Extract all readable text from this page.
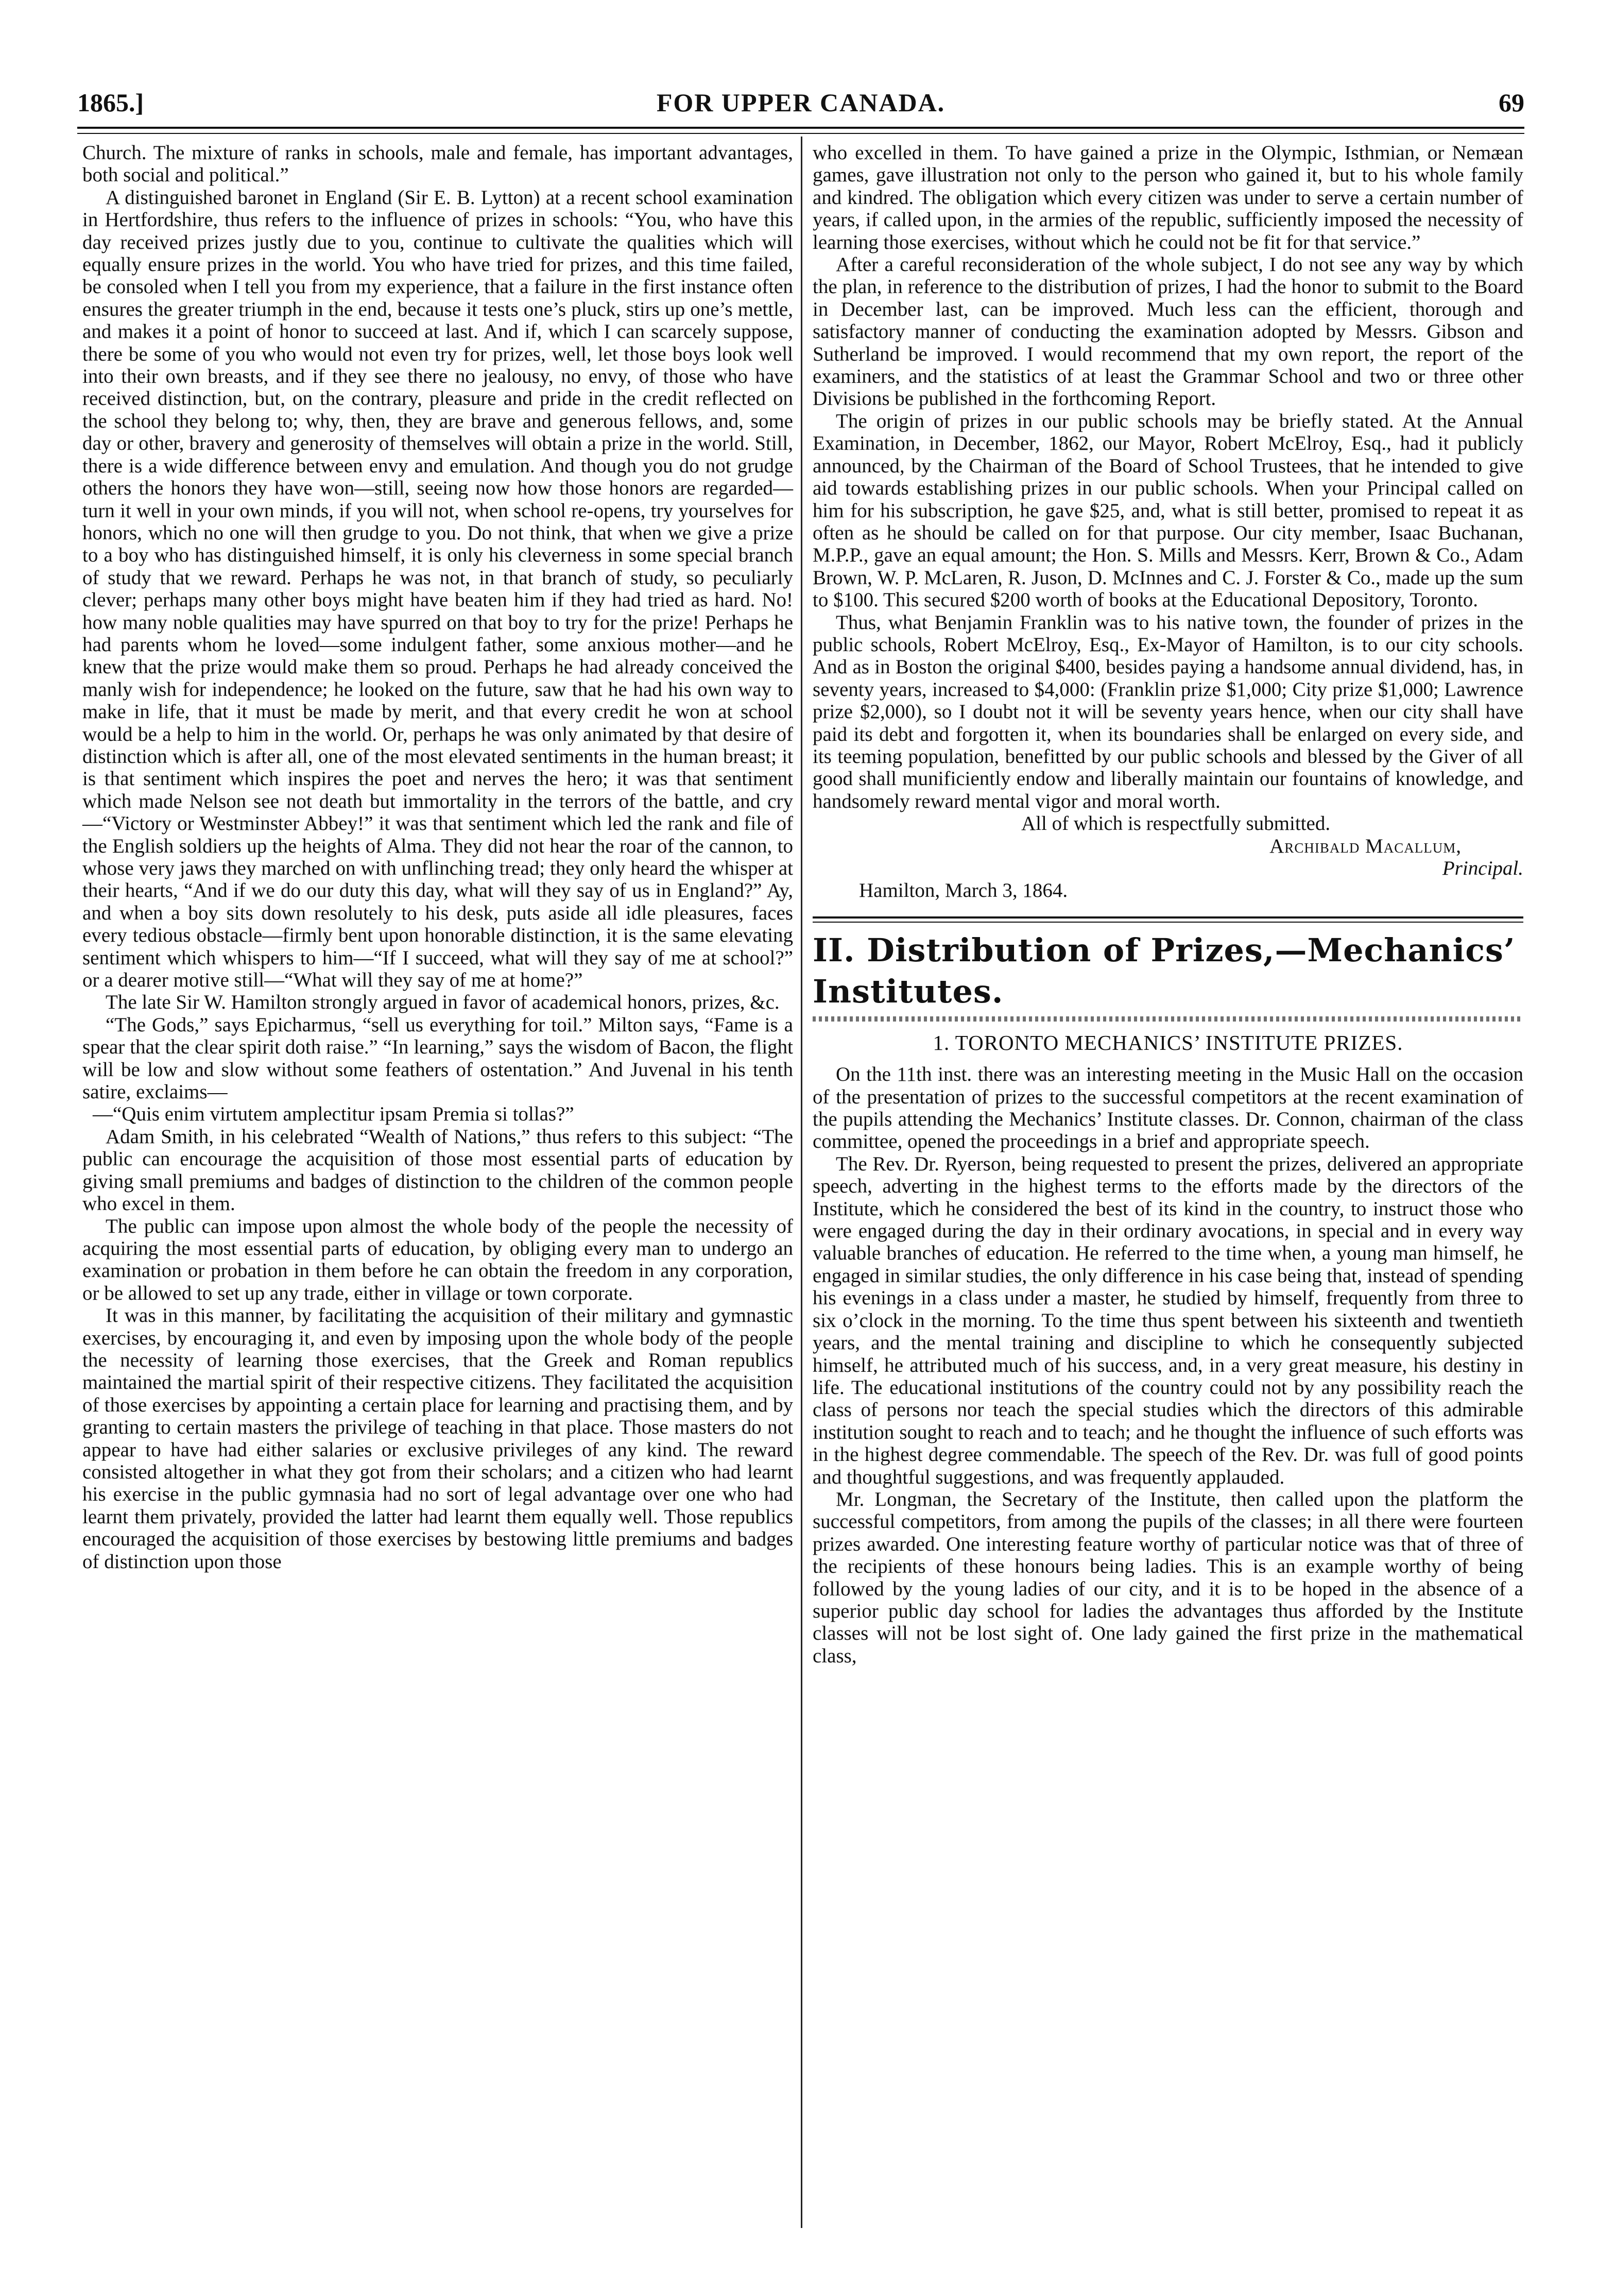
1865.]	FOR UPPER CANADA.	69

Church. The mixture of ranks in schools, male and female, has important advantages, both social and political.”

A distinguished baronet in England (Sir E. B. Lytton) at a recent school examination in Hertfordshire, thus refers to the influence of prizes in schools: “You, who have this day received prizes justly due to you, continue to cultivate the qualities which will equally ensure prizes in the world. You who have tried for prizes, and this time failed, be consoled when I tell you from my experience, that a failure in the first instance often ensures the greater triumph in the end, because it tests one’s pluck, stirs up one’s mettle, and makes it a point of honor to succeed at last. And if, which I can scarcely suppose, there be some of you who would not even try for prizes, well, let those boys look well into their own breasts, and if they see there no jealousy, no envy, of those who have received distinction, but, on the contrary, pleasure and pride in the credit reflected on the school they belong to; why, then, they are brave and generous fellows, and, some day or other, bravery and generosity of themselves will obtain a prize in the world. Still, there is a wide difference between envy and emulation. And though you do not grudge others the honors they have won—still, seeing now how those honors are regarded—turn it well in your own minds, if you will not, when school re-opens, try yourselves for honors, which no one will then grudge to you. Do not think, that when we give a prize to a boy who has distinguished himself, it is only his cleverness in some special branch of study that we reward. Perhaps he was not, in that branch of study, so peculiarly clever; perhaps many other boys might have beaten him if they had tried as hard. No! how many noble qualities may have spurred on that boy to try for the prize! Perhaps he had parents whom he loved—some indulgent father, some anxious mother—and he knew that the prize would make them so proud. Perhaps he had already conceived the manly wish for independence; he looked on the future, saw that he had his own way to make in life, that it must be made by merit, and that every credit he won at school would be a help to him in the world. Or, perhaps he was only animated by that desire of distinction which is after all, one of the most elevated sentiments in the human breast; it is that sentiment which inspires the poet and nerves the hero; it was that sentiment which made Nelson see not death but immortality in the terrors of the battle, and cry—“Victory or Westminster Abbey!” it was that sentiment which led the rank and file of the English soldiers up the heights of Alma. They did not hear the roar of the cannon, to whose very jaws they marched on with unflinching tread; they only heard the whisper at their hearts, “And if we do our duty this day, what will they say of us in England?” Ay, and when a boy sits down resolutely to his desk, puts aside all idle pleasures, faces every tedious obstacle—firmly bent upon honorable distinction, it is the same elevating sentiment which whispers to him—“If I succeed, what will they say of me at school?” or a dearer motive still—“What will they say of me at home?”

The late Sir W. Hamilton strongly argued in favor of academical honors, prizes, &c.

“The Gods,” says Epicharmus, “sell us everything for toil.” Milton says, “Fame is a spear that the clear spirit doth raise.” “In learning,” says the wisdom of Bacon, the flight will be low and slow without some feathers of ostentation.” And Juvenal in his tenth satire, exclaims—

—“Quis enim virtutem amplectitur ipsam Premia si tollas?”

Adam Smith, in his celebrated “Wealth of Nations,” thus refers to this subject: “The public can encourage the acquisition of those most essential parts of education by giving small premiums and badges of distinction to the children of the common people who excel in them.

The public can impose upon almost the whole body of the people the necessity of acquiring the most essential parts of education, by obliging every man to undergo an examination or probation in them before he can obtain the freedom in any corporation, or be allowed to set up any trade, either in village or town corporate.

It was in this manner, by facilitating the acquisition of their military and gymnastic exercises, by encouraging it, and even by imposing upon the whole body of the people the necessity of learning those exercises, that the Greek and Roman republics maintained the martial spirit of their respective citizens. They facilitated the acquisition of those exercises by appointing a certain place for learning and practising them, and by granting to certain masters the privilege of teaching in that place. Those masters do not appear to have had either salaries or exclusive privileges of any kind. The reward consisted altogether in what they got from their scholars; and a citizen who had learnt his exercise in the public gymnasia had no sort of legal advantage over one who had learnt them privately, provided the latter had learnt them equally well. Those republics encouraged the acquisition of those exercises by bestowing little premiums and badges of distinction upon those

who excelled in them. To have gained a prize in the Olympic, Isthmian, or Nemæan games, gave illustration not only to the person who gained it, but to his whole family and kindred. The obligation which every citizen was under to serve a certain number of years, if called upon, in the armies of the republic, sufficiently imposed the necessity of learning those exercises, without which he could not be fit for that service.”

After a careful reconsideration of the whole subject, I do not see any way by which the plan, in reference to the distribution of prizes, I had the honor to submit to the Board in December last, can be improved. Much less can the efficient, thorough and satisfactory manner of conducting the examination adopted by Messrs. Gibson and Sutherland be improved. I would recommend that my own report, the report of the examiners, and the statistics of at least the Grammar School and two or three other Divisions be published in the forthcoming Report.

The origin of prizes in our public schools may be briefly stated. At the Annual Examination, in December, 1862, our Mayor, Robert McElroy, Esq., had it publicly announced, by the Chairman of the Board of School Trustees, that he intended to give aid towards establishing prizes in our public schools. When your Principal called on him for his subscription, he gave $25, and, what is still better, promised to repeat it as often as he should be called on for that purpose. Our city member, Isaac Buchanan, M.P.P., gave an equal amount; the Hon. S. Mills and Messrs. Kerr, Brown & Co., Adam Brown, W. P. McLaren, R. Juson, D. McInnes and C. J. Forster & Co., made up the sum to $100. This secured $200 worth of books at the Educational Depository, Toronto.

Thus, what Benjamin Franklin was to his native town, the founder of prizes in the public schools, Robert McElroy, Esq., Ex-Mayor of Hamilton, is to our city schools. And as in Boston the original $400, besides paying a handsome annual dividend, has, in seventy years, increased to $4,000: (Franklin prize $1,000; City prize $1,000; Lawrence prize $2,000), so I doubt not it will be seventy years hence, when our city shall have paid its debt and forgotten it, when its boundaries shall be enlarged on every side, and its teeming population, benefitted by our public schools and blessed by the Giver of all good shall munificiently endow and liberally maintain our fountains of knowledge, and handsomely reward mental vigor and moral worth.

All of which is respectfully submitted.

Archibald Macallum,

Principal.

Hamilton, March 3, 1864.

II. Distribution of Prizes,—Mechanics’ Institutes.
1. TORONTO MECHANICS’ INSTITUTE PRIZES.

On the 11th inst. there was an interesting meeting in the Music Hall on the occasion of the presentation of prizes to the successful competitors at the recent examination of the pupils attending the Mechanics’ Institute classes. Dr. Connon, chairman of the class committee, opened the proceedings in a brief and appropriate speech.

The Rev. Dr. Ryerson, being requested to present the prizes, delivered an appropriate speech, adverting in the highest terms to the efforts made by the directors of the Institute, which he considered the best of its kind in the country, to instruct those who were engaged during the day in their ordinary avocations, in special and in every way valuable branches of education. He referred to the time when, a young man himself, he engaged in similar studies, the only difference in his case being that, instead of spending his evenings in a class under a master, he studied by himself, frequently from three to six o’clock in the morning. To the time thus spent between his sixteenth and twentieth years, and the mental training and discipline to which he consequently subjected himself, he attributed much of his success, and, in a very great measure, his destiny in life. The educational institutions of the country could not by any possibility reach the class of persons nor teach the special studies which the directors of this admirable institution sought to reach and to teach; and he thought the influence of such efforts was in the highest degree commendable. The speech of the Rev. Dr. was full of good points and thoughtful suggestions, and was frequently applauded.

Mr. Longman, the Secretary of the Institute, then called upon the platform the successful competitors, from among the pupils of the classes; in all there were fourteen prizes awarded. One interesting feature worthy of particular notice was that of three of the recipients of these honours being ladies. This is an example worthy of being followed by the young ladies of our city, and it is to be hoped in the absence of a superior public day school for ladies the advantages thus afforded by the Institute classes will not be lost sight of. One lady gained the first prize in the mathematical class,
